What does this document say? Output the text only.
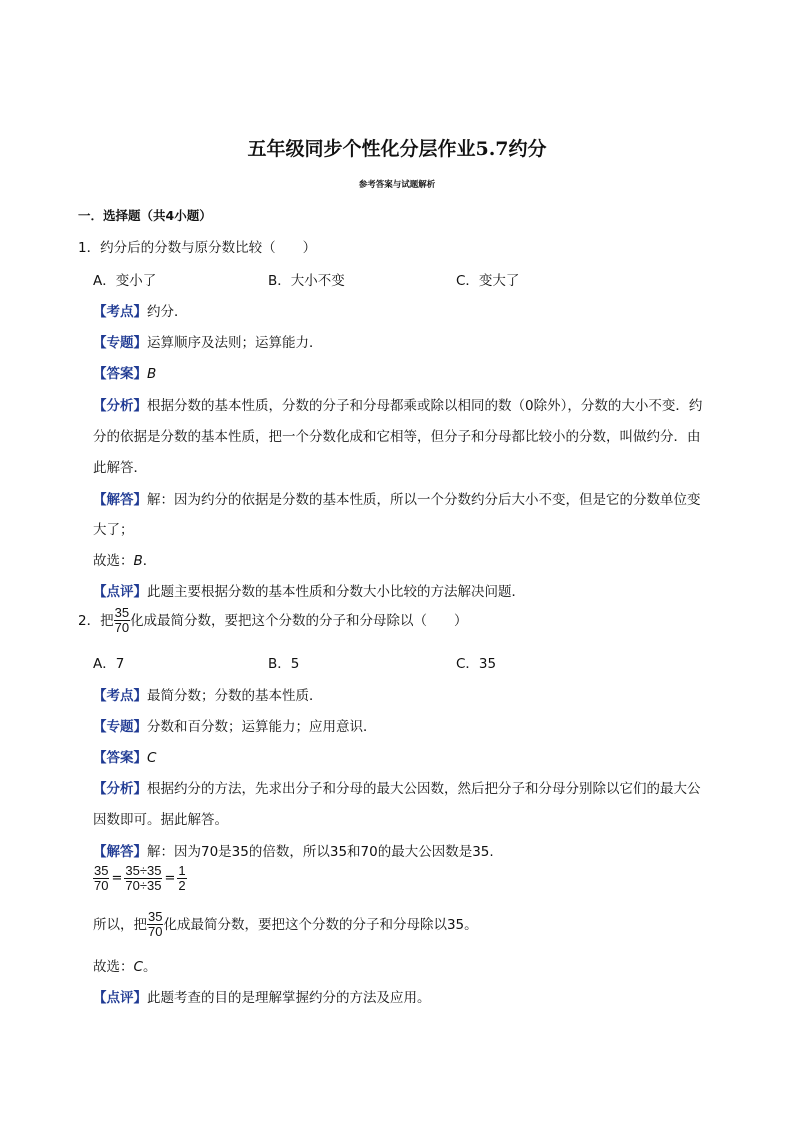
五年级同步个性化分层作业5.7约分
参考答案与试题解析
一．选择题（共4小题）
1．约分后的分数与原分数比较（　　）
A．变小了	B．大小不变	C．变大了
【考点】约分．
【专题】运算顺序及法则；运算能力．
【答案】B
【分析】根据分数的基本性质，分数的分子和分母都乘或除以相同的数（0除外），分数的大小不变．约
分的依据是分数的基本性质，把一个分数化成和它相等，但分子和分母都比较小的分数，叫做约分．由
此解答．
【解答】解：因为约分的依据是分数的基本性质，所以一个分数约分后大小不变，但是它的分数单位变
大了；
故选：B．
【点评】此题主要根据分数的基本性质和分数大小比较的方法解决问题．
2．把 $\frac{35}{70}$ 化成最简分数，要把这个分数的分子和分母除以（　　）
A．7	B．5	C．35
【考点】最简分数；分数的基本性质．
【专题】分数和百分数；运算能力；应用意识．
【答案】C
【分析】根据约分的方法，先求出分子和分母的最大公因数，然后把分子和分母分别除以它们的最大公
因数即可。据此解答。
【解答】解：因为70是35的倍数，所以35和70的最大公因数是35.
$\frac{35}{70} = \frac{35\div 35}{70\div 35} = \frac{1}{2}$
所以，把 $\frac{35}{70}$ 化成最简分数，要把这个分数的分子和分母除以35。
故选：C。
【点评】此题考查的目的是理解掌握约分的方法及应用。
